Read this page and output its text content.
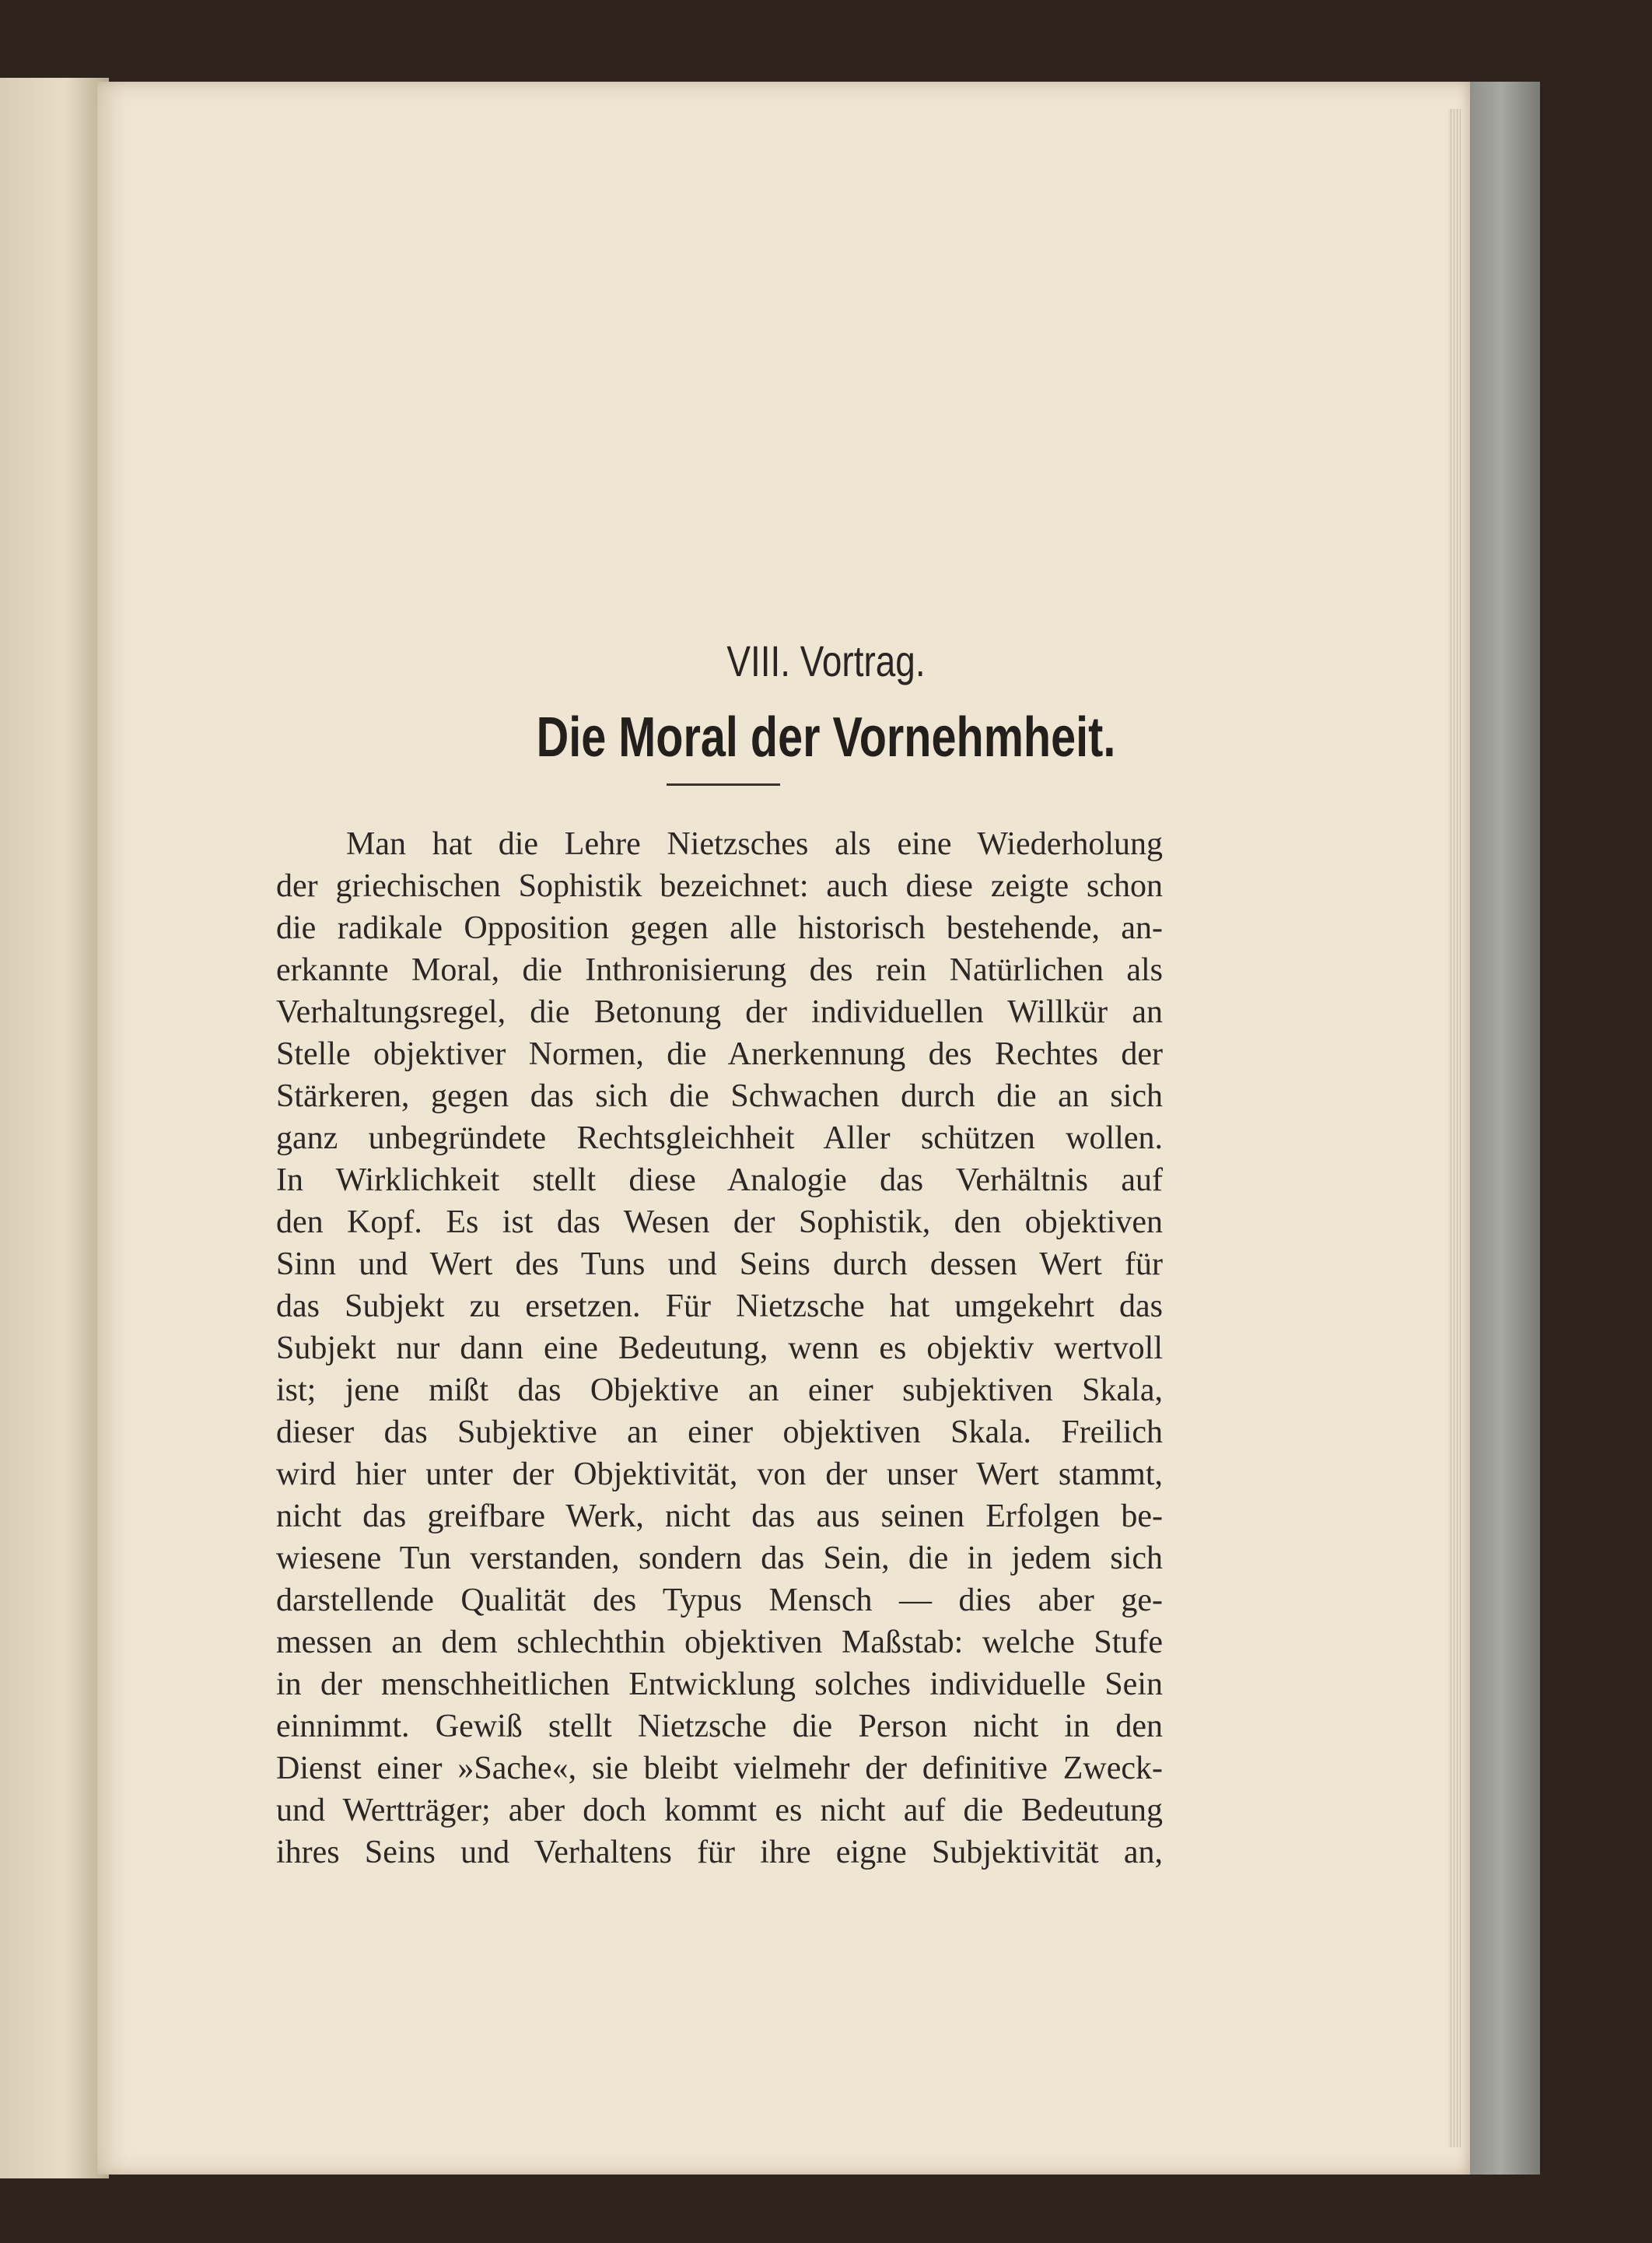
VIII. Vortrag.
Die Moral der Vornehmheit.
Man hat die Lehre Nietzsches als eine Wiederholung
der griechischen Sophistik bezeichnet: auch diese zeigte schon
die radikale Opposition gegen alle historisch bestehende, an-
erkannte Moral, die Inthronisierung des rein Natürlichen als
Verhaltungsregel, die Betonung der individuellen Willkür an
Stelle objektiver Normen, die Anerkennung des Rechtes der
Stärkeren, gegen das sich die Schwachen durch die an sich
ganz unbegründete Rechtsgleichheit Aller schützen wollen.
In Wirklichkeit stellt diese Analogie das Verhältnis auf
den Kopf. Es ist das Wesen der Sophistik, den objektiven
Sinn und Wert des Tuns und Seins durch dessen Wert für
das Subjekt zu ersetzen. Für Nietzsche hat umgekehrt das
Subjekt nur dann eine Bedeutung, wenn es objektiv wertvoll
ist; jene mißt das Objektive an einer subjektiven Skala,
dieser das Subjektive an einer objektiven Skala. Freilich
wird hier unter der Objektivität, von der unser Wert stammt,
nicht das greifbare Werk, nicht das aus seinen Erfolgen be-
wiesene Tun verstanden, sondern das Sein, die in jedem sich
darstellende Qualität des Typus Mensch — dies aber ge-
messen an dem schlechthin objektiven Maßstab: welche Stufe
in der menschheitlichen Entwicklung solches individuelle Sein
einnimmt. Gewiß stellt Nietzsche die Person nicht in den
Dienst einer »Sache«, sie bleibt vielmehr der definitive Zweck-
und Wertträger; aber doch kommt es nicht auf die Bedeutung
ihres Seins und Verhaltens für ihre eigne Subjektivität an,
